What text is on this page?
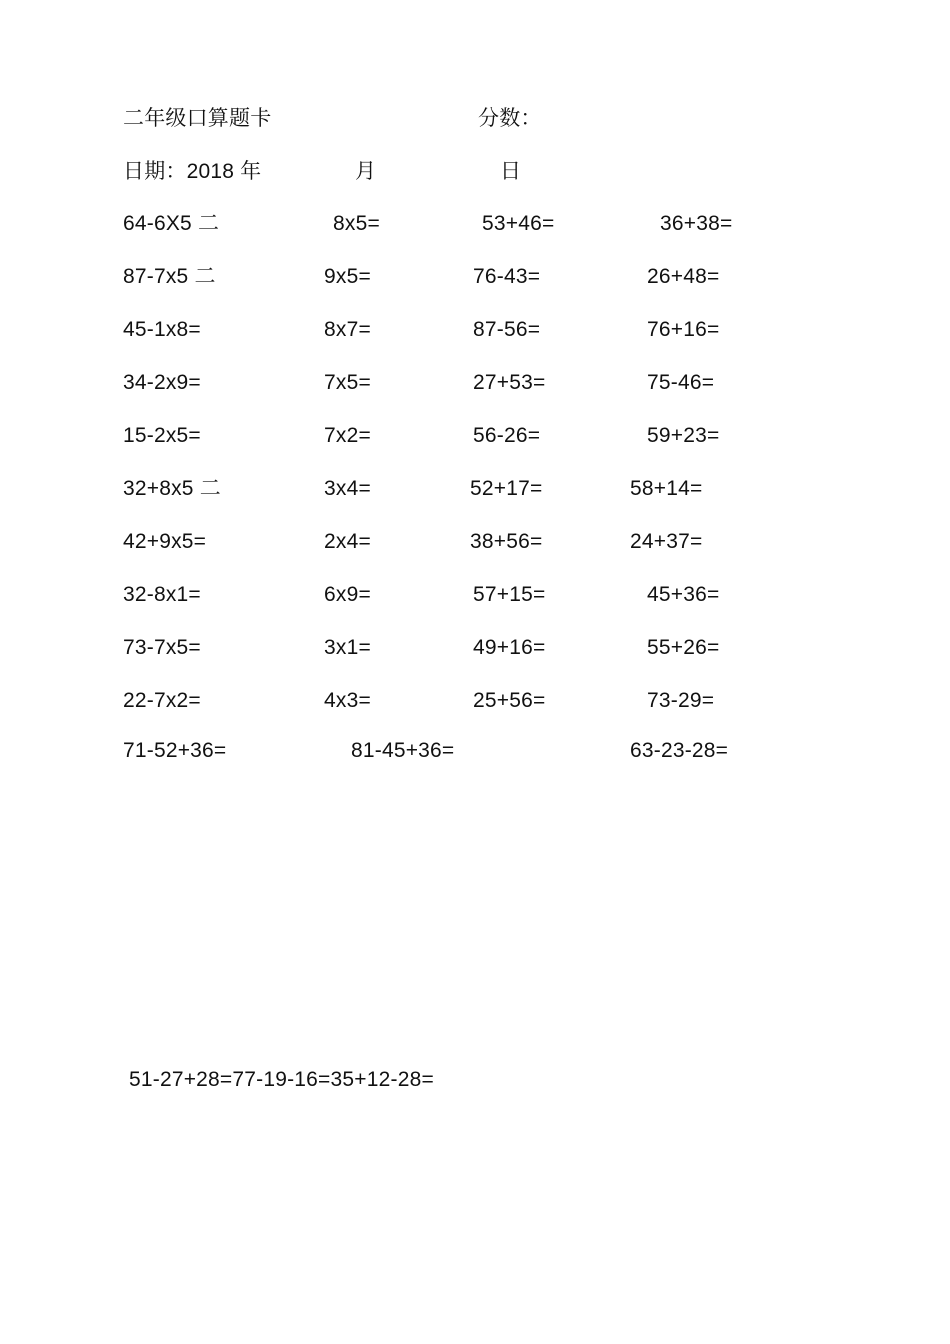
二年级口算题卡	分数：
日期：2018 年	月	日
64-6X5 二	8x5=	53+46=	36+38=
87-7x5 二	9x5=	76-43=	26+48=
45-1x8=	8x7=	87-56=	76+16=
34-2x9=	7x5=	27+53=	75-46=
15-2x5=	7x2=	56-26=	59+23=
32+8x5 二	3x4=	52+17=	58+14=
42+9x5=	2x4=	38+56=	24+37=
32-8x1=	6x9=	57+15=	45+36=
73-7x5=	3x1=	49+16=	55+26=
22-7x2=	4x3=	25+56=	73-29=
71-52+36=	81-45+36=	63-23-28=
51-27+28=77-19-16=35+12-28=
